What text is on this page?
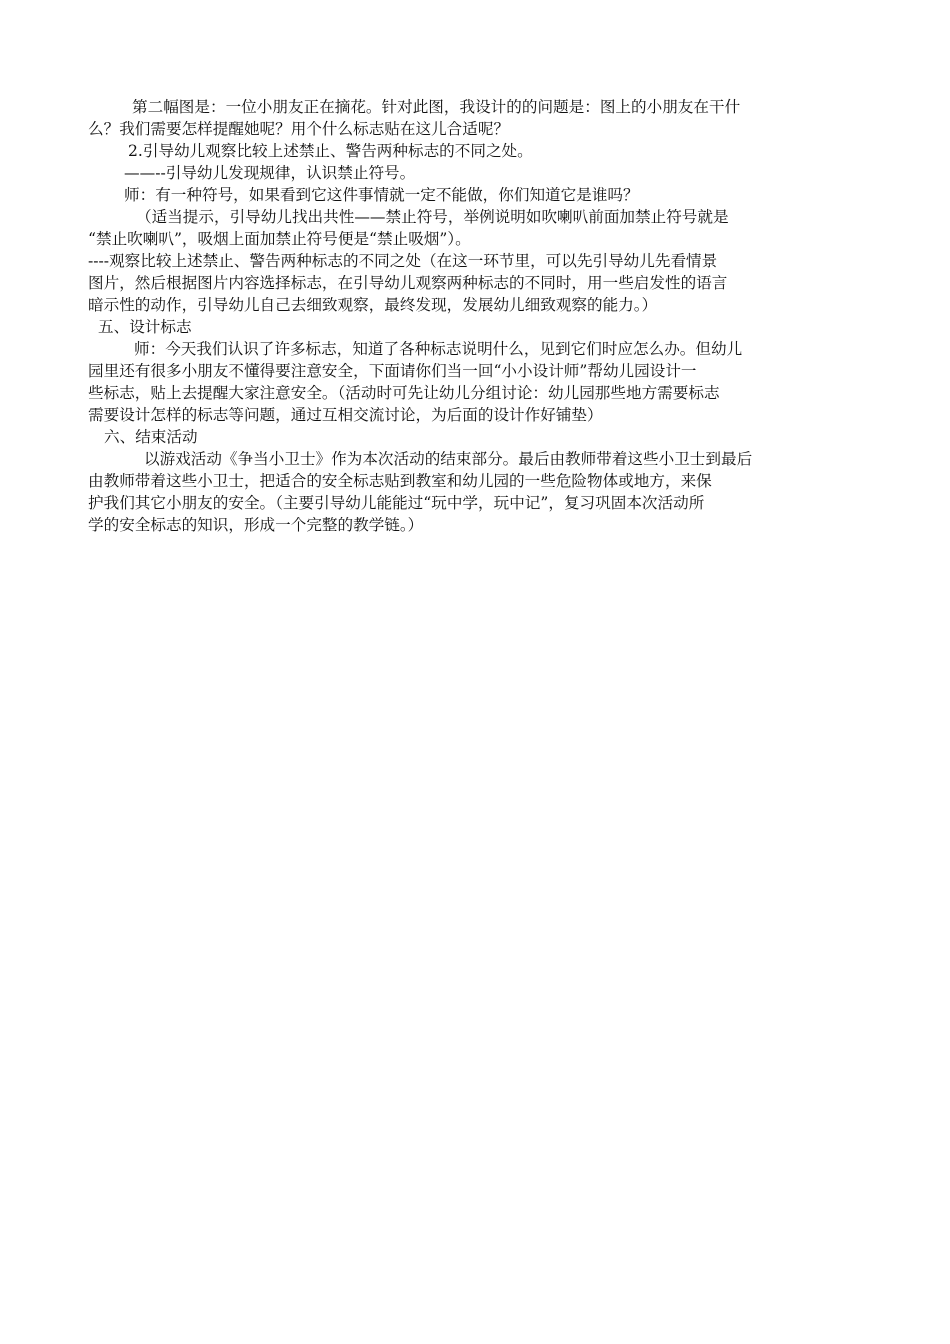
第二幅图是：一位小朋友正在摘花。针对此图，我设计的的问题是：图上的小朋友在干什

么？我们需要怎样提醒她呢？用个什么标志贴在这儿合适呢？

2.引导幼儿观察比较上述禁止、警告两种标志的不同之处。

——--引导幼儿发现规律，认识禁止符号。

师：有一种符号，如果看到它这件事情就一定不能做，你们知道它是谁吗？

（适当提示，引导幼儿找出共性——禁止符号，举例说明如吹喇叭前面加禁止符号就是

“禁止吹喇叭”，吸烟上面加禁止符号便是“禁止吸烟”）。

----观察比较上述禁止、警告两种标志的不同之处（在这一环节里，可以先引导幼儿先看情景

图片，然后根据图片内容选择标志，在引导幼儿观察两种标志的不同时，用一些启发性的语言

暗示性的动作，引导幼儿自己去细致观察，最终发现，发展幼儿细致观察的能力。）

五、设计标志

师：今天我们认识了许多标志，知道了各种标志说明什么，见到它们时应怎么办。但幼儿

园里还有很多小朋友不懂得要注意安全，下面请你们当一回“小小设计师”帮幼儿园设计一

些标志，贴上去提醒大家注意安全。（活动时可先让幼儿分组讨论：幼儿园那些地方需要标志

需要设计怎样的标志等问题，通过互相交流讨论，为后面的设计作好铺垫）

六、结束活动

以游戏活动《争当小卫士》作为本次活动的结束部分。最后由教师带着这些小卫士到最后

由教师带着这些小卫士，把适合的安全标志贴到教室和幼儿园的一些危险物体或地方，来保

护我们其它小朋友的安全。（主要引导幼儿能能过“玩中学，玩中记”，复习巩固本次活动所

学的安全标志的知识，形成一个完整的教学链。）
